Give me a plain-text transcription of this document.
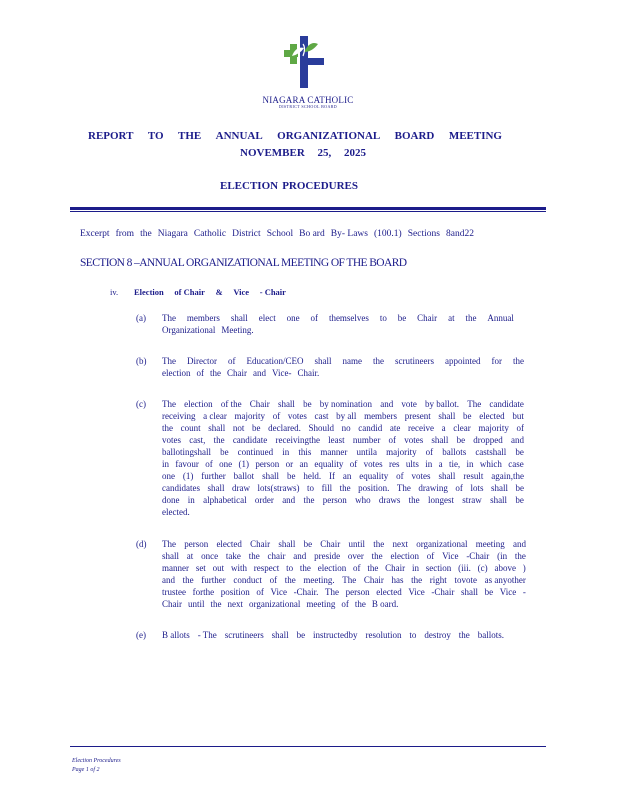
NIAGARA CATHOLIC
DISTRICT SCHOOL BOARD
REPORT TO THE ANNUAL ORGANIZATIONAL BOARD MEETING
NOVEMBER 25, 2025
ELECTION PROCEDURES
Excerpt from the Niagara Catholic District School Bo ard By- Laws (100.1) Sections 8and22
SECTION 8 –ANNUAL ORGANIZATIONAL MEETING OF THE BOARD
iv. Election of Chair & Vice - Chair
(a) The members shall elect one of themselves to be Chair at the Annual
Organizational Meeting.
(b) The Director of Education/CEO shall name the scrutineers appointed for the
election of the Chair and Vice- Chair.
(c) The election of the Chair shall be by nomination and vote by ballot. The candidate
receiving a clear majority of votes cast by all members present shall be elected but
the count shall not be declared. Should no candid ate receive a clear majority of
votes cast, the candidate receivingthe least number of votes shall be dropped and
ballotingshall be continued in this manner untila majority of ballots castshall be
in favour of one (1) person or an equality of votes res ults in a tie, in which case
one (1) further ballot shall be held. If an equality of votes shall result again,the
candidates shall draw lots(straws) to fill the position. The drawing of lots shall be
done in alphabetical order and the person who draws the longest straw shall be
elected.
(d) The person elected Chair shall be Chair until the next organizational meeting and
shall at once take the chair and preside over the election of Vice -Chair (in the
manner set out with respect to the election of the Chair in section (iii. (c) above )
and the further conduct of the meeting. The Chair has the right tovote as anyother
trustee forthe position of Vice -Chair. The person elected Vice -Chair shall be Vice -
Chair until the next organizational meeting of the B oard.
(e) B allots - The scrutineers shall be instructedby resolution to destroy the ballots.
Election Procedures
Page 1 of 2
